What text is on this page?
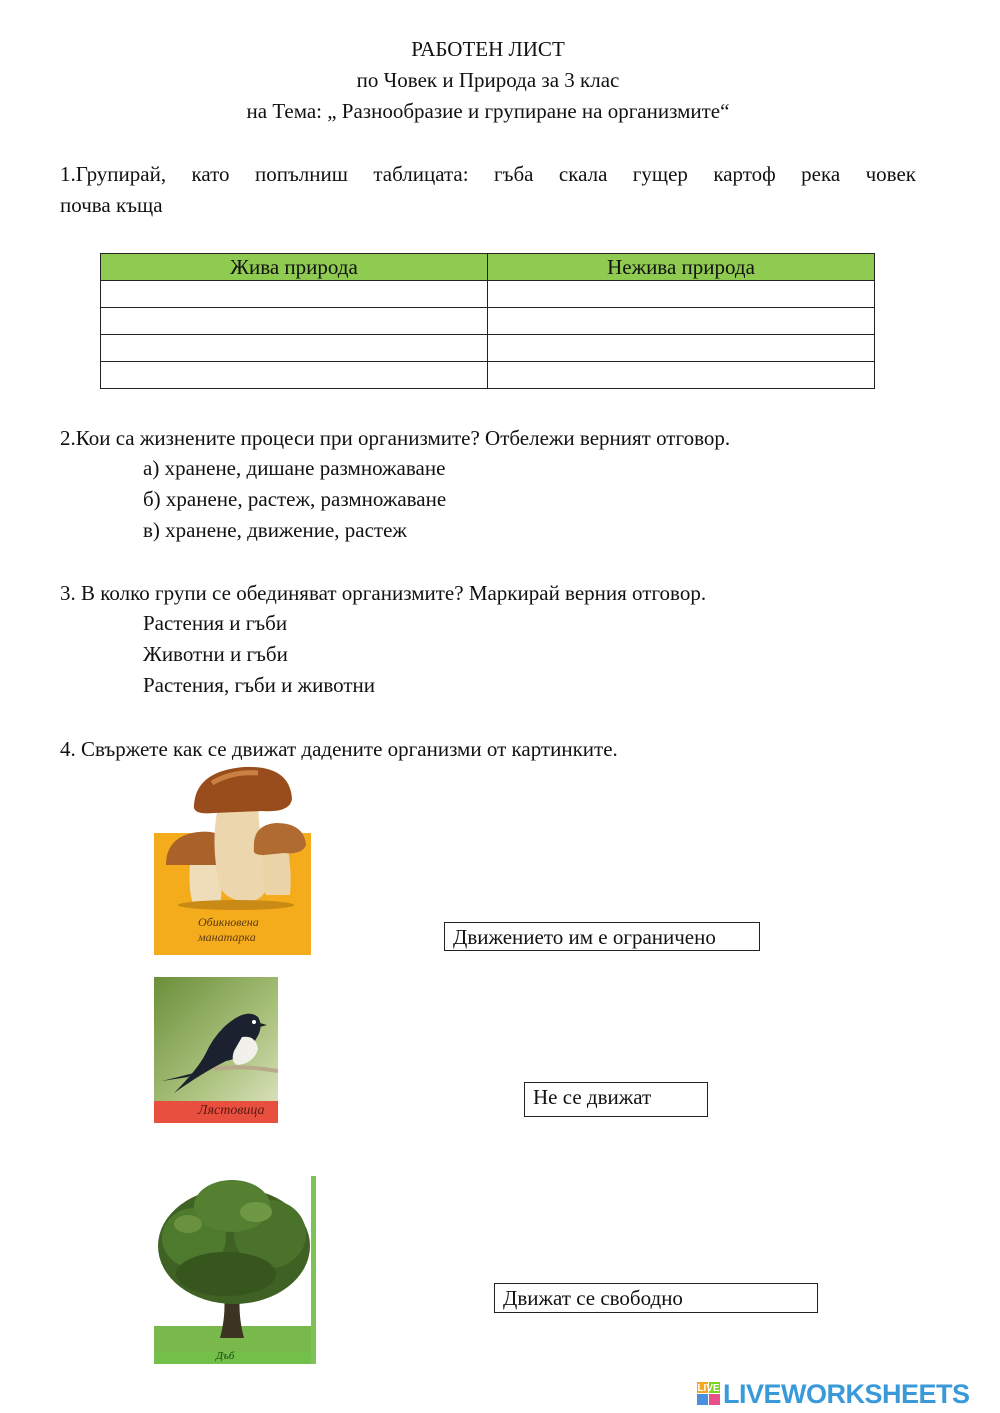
РАБОТЕН ЛИСТ
по Човек и Природа за 3 клас
на Тема: „ Разнообразие и групиране на организмите“
1.Групирай, като попълниш таблицата: гъба скала гущер картоф река човек
почва къща
Жива природа	Нежива природа

2.Кои са жизнените процеси при организмите? Отбележи верният отговор.
а) хранене, дишане размножаване
б) хранене, растеж, размножаване
в) хранене, движение, растеж
3. В колко групи се обединяват организмите? Маркирай верния отговор.
Растения и гъби
Животни и гъби
Растения, гъби и животни
4. Свържете как се движат дадените организми от картинките.
Обикновена
манатарка
Лястовица
Дъб
Движението им е ограничено
Не се движат
Движат се свободно
LIVE LIVEWORKSHEETS
